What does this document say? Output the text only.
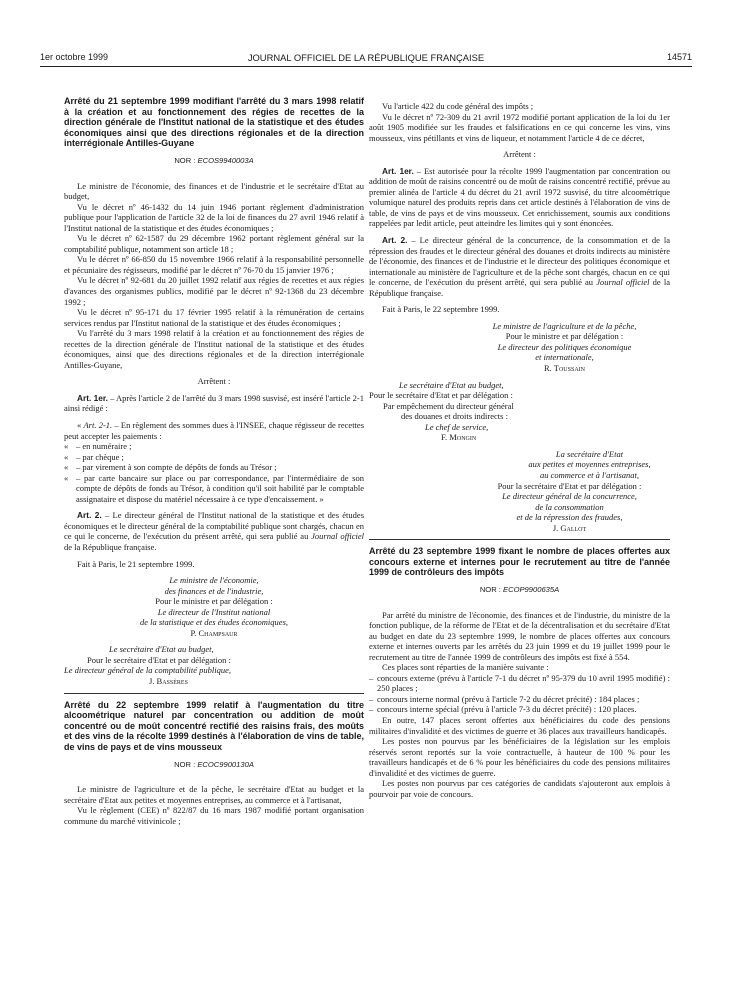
1er octobre 1999	JOURNAL OFFICIEL DE LA RÉPUBLIQUE FRANÇAISE	14571

Arrêté du 21 septembre 1999 modifiant l'arrêté du 3 mars 1998 relatif à la création et au fonctionnement des régies de recettes de la direction générale de l'Institut national de la statistique et des études économiques ainsi que des directions régionales et de la direction interrégionale Antilles-Guyane

NOR : ECOS9940003A

Le ministre de l'économie, des finances et de l'industrie et le secrétaire d'Etat au budget,

Vu le décret nº 46-1432 du 14 juin 1946 portant règlement d'administration publique pour l'application de l'article 32 de la loi de finances du 27 avril 1946 relatif à l'Institut national de la statistique et des études économiques ;

Vu le décret nº 62-1587 du 29 décembre 1962 portant règlement général sur la comptabilité publique, notamment son article 18 ;

Vu le décret nº 66-850 du 15 novembre 1966 relatif à la responsabilité personnelle et pécuniaire des régisseurs, modifié par le décret nº 76-70 du 15 janvier 1976 ;

Vu le décret nº 92-681 du 20 juillet 1992 relatif aux régies de recettes et aux régies d'avances des organismes publics, modifié par le décret nº 92-1368 du 23 décembre 1992 ;

Vu le décret nº 95-171 du 17 février 1995 relatif à la rémunération de certains services rendus par l'Institut national de la statistique et des études économiques ;

Vu l'arrêté du 3 mars 1998 relatif à la création et au fonctionnement des régies de recettes de la direction générale de l'Institut national de la statistique et des études économiques, ainsi que des directions régionales et de la direction interrégionale Antilles-Guyane,

Arrêtent :

Art. 1er. – Après l'article 2 de l'arrêté du 3 mars 1998 susvisé, est inséré l'article 2-1 ainsi rédigé :

« Art. 2-1. – En règlement des sommes dues à l'INSEE, chaque régisseur de recettes peut accepter les paiements :

« – en numéraire ;

« – par chèque ;

« – par virement à son compte de dépôts de fonds au Trésor ;

« – par carte bancaire sur place ou par correspondance, par l'intermédiaire de son compte de dépôts de fonds au Trésor, à condition qu'il soit habilité par le comptable assignataire et dispose du matériel nécessaire à ce type d'encaissement. »

Art. 2. – Le directeur général de l'Institut national de la statistique et des études économiques et le directeur général de la comptabilité publique sont chargés, chacun en ce qui le concerne, de l'exécution du présent arrêté, qui sera publié au Journal officiel de la République française.

Fait à Paris, le 21 septembre 1999.

Le ministre de l'économie,

des finances et de l'industrie,

Pour le ministre et par délégation :

Le directeur de l'Institut national

de la statistique et des études économiques,

P. Champsaur

Le secrétaire d'Etat au budget,

Pour le secrétaire d'Etat et par délégation :

Le directeur général de la comptabilité publique,

J. Bassères

Arrêté du 22 septembre 1999 relatif à l'augmentation du titre alcoométrique naturel par concentration ou addition de moût concentré ou de moût concentré rectifié des raisins frais, des moûts et des vins de la récolte 1999 destinés à l'élaboration de vins de table, de vins de pays et de vins mousseux

NOR : ECOC9900130A

Le ministre de l'agriculture et de la pêche, le secrétaire d'Etat au budget et la secrétaire d'Etat aux petites et moyennes entreprises, au commerce et à l'artisanat,

Vu le règlement (CEE) nº 822/87 du 16 mars 1987 modifié portant organisation commune du marché vitivinicole ;

Vu l'article 422 du code général des impôts ;

Vu le décret nº 72-309 du 21 avril 1972 modifié portant application de la loi du 1er août 1905 modifiée sur les fraudes et falsifications en ce qui concerne les vins, vins mousseux, vins pétillants et vins de liqueur, et notamment l'article 4 de ce décret,

Arrêtent :

Art. 1er. – Est autorisée pour la récolte 1999 l'augmentation par concentration ou addition de moût de raisins concentré ou de moût de raisins concentré rectifié, prévue au premier alinéa de l'article 4 du décret du 21 avril 1972 susvisé, du titre alcoométrique volumique naturel des produits repris dans cet article destinés à l'élaboration de vins de table, de vins de pays et de vins mousseux. Cet enrichissement, soumis aux conditions rappelées par ledit article, peut atteindre les limites qui y sont énoncées.

Art. 2. – Le directeur général de la concurrence, de la consommation et de la répression des fraudes et le directeur général des douanes et droits indirects au ministère de l'économie, des finances et de l'industrie et le directeur des politiques économique et internationale au ministère de l'agriculture et de la pêche sont chargés, chacun en ce qui le concerne, de l'exécution du présent arrêté, qui sera publié au Journal officiel de la République française.

Fait à Paris, le 22 septembre 1999.

Le ministre de l'agriculture et de la pêche,

Pour le ministre et par délégation :

Le directeur des politiques économique

et internationale,

R. Toussain

Le secrétaire d'Etat au budget,

Pour le secrétaire d'Etat et par délégation :

Par empêchement du directeur général

des douanes et droits indirects :

Le chef de service,

F. Mongin

La secrétaire d'Etat

aux petites et moyennes entreprises,

au commerce et à l'artisanat,

Pour la secrétaire d'Etat et par délégation :

Le directeur général de la concurrence,

de la consommation

et de la répression des fraudes,

J. Gallot

Arrêté du 23 septembre 1999 fixant le nombre de places offertes aux concours externe et internes pour le recrutement au titre de l'année 1999 de contrôleurs des impôts

NOR : ECOP9900635A

Par arrêté du ministre de l'économie, des finances et de l'industrie, du ministre de la fonction publique, de la réforme de l'Etat et de la décentralisation et du secrétaire d'Etat au budget en date du 23 septembre 1999, le nombre de places offertes aux concours externe et internes ouverts par les arrêtés du 23 juin 1999 et du 19 juillet 1999 pour le recrutement au titre de l'année 1999 de contrôleurs des impôts est fixé à 554.

Ces places sont réparties de la manière suivante :

– concours externe (prévu à l'article 7-1 du décret nº 95-379 du 10 avril 1995 modifié) : 250 places ;

– concours interne normal (prévu à l'article 7-2 du décret précité) : 184 places ;

– concours interne spécial (prévu à l'article 7-3 du décret précité) : 120 places.

En outre, 147 places seront offertes aux bénéficiaires du code des pensions militaires d'invalidité et des victimes de guerre et 36 places aux travailleurs handicapés.

Les postes non pourvus par les bénéficiaires de la législation sur les emplois réservés seront reportés sur la voie contractuelle, à hauteur de 100 % pour les travailleurs handicapés et de 6 % pour les bénéficiaires du code des pensions militaires d'invalidité et des victimes de guerre.

Les postes non pourvus par ces catégories de candidats s'ajouteront aux emplois à pourvoir par voie de concours.
